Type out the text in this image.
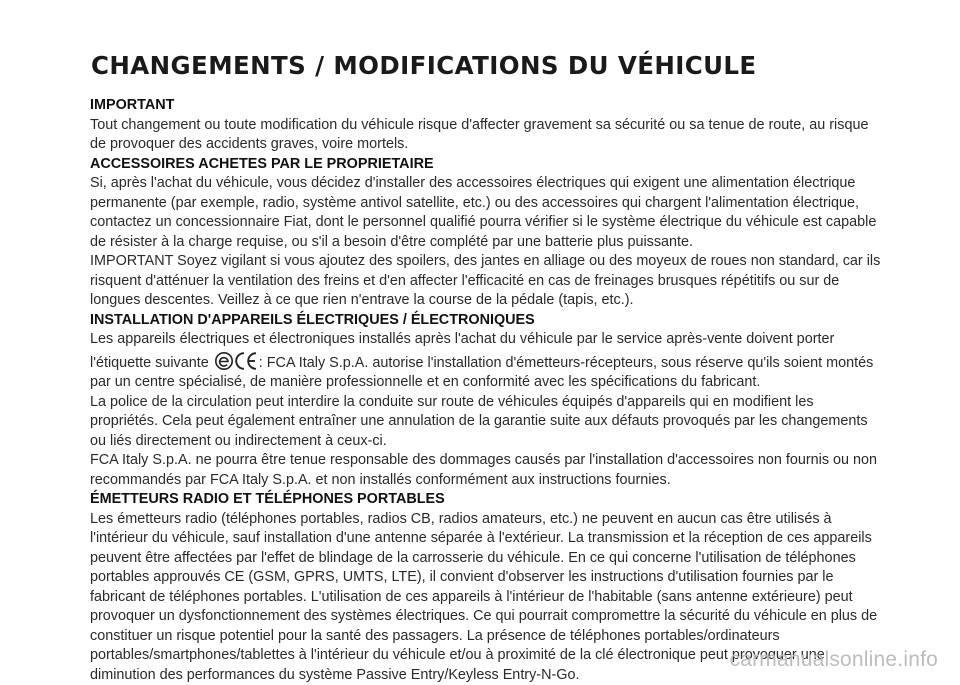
CHANGEMENTS / MODIFICATIONS DU VÉHICULE
IMPORTANT

Tout changement ou toute modification du véhicule risque d'affecter gravement sa sécurité ou sa tenue de route, au risque de provoquer des accidents graves, voire mortels.

ACCESSOIRES ACHETES PAR LE PROPRIETAIRE

Si, après l'achat du véhicule, vous décidez d'installer des accessoires électriques qui exigent une alimentation électrique permanente (par exemple, radio, système antivol satellite, etc.) ou des accessoires qui chargent l'alimentation électrique, contactez un concessionnaire Fiat, dont le personnel qualifié pourra vérifier si le système électrique du véhicule est capable de résister à la charge requise, ou s'il a besoin d'être complété par une batterie plus puissante.

IMPORTANT Soyez vigilant si vous ajoutez des spoilers, des jantes en alliage ou des moyeux de roues non standard, car ils risquent d'atténuer la ventilation des freins et d'en affecter l'efficacité en cas de freinages brusques répétitifs ou sur de longues descentes. Veillez à ce que rien n'entrave la course de la pédale (tapis, etc.).

INSTALLATION D'APPAREILS ÉLECTRIQUES / ÉLECTRONIQUES

Les appareils électriques et électroniques installés après l'achat du véhicule par le service après-vente doivent porter l'étiquette suivante	: FCA Italy S.p.A. autorise l'installation d'émetteurs-récepteurs, sous réserve qu'ils soient montés par un centre spécialisé, de manière professionnelle et en conformité avec les spécifications du fabricant.

La police de la circulation peut interdire la conduite sur route de véhicules équipés d'appareils qui en modifient les propriétés. Cela peut également entraîner une annulation de la garantie suite aux défauts provoqués par les changements ou liés directement ou indirectement à ceux-ci.

FCA Italy S.p.A. ne pourra être tenue responsable des dommages causés par l'installation d'accessoires non fournis ou non recommandés par FCA Italy S.p.A. et non installés conformément aux instructions fournies.

ÉMETTEURS RADIO ET TÉLÉPHONES PORTABLES

Les émetteurs radio (téléphones portables, radios CB, radios amateurs, etc.) ne peuvent en aucun cas être utilisés à l'intérieur du véhicule, sauf installation d'une antenne séparée à l'extérieur. La transmission et la réception de ces appareils peuvent être affectées par l'effet de blindage de la carrosserie du véhicule. En ce qui concerne l'utilisation de téléphones portables approuvés CE (GSM, GPRS, UMTS, LTE), il convient d'observer les instructions d'utilisation fournies par le fabricant de téléphones portables. L'utilisation de ces appareils à l'intérieur de l'habitable (sans antenne extérieure) peut provoquer un dysfonctionnement des systèmes électriques. Ce qui pourrait compromettre la sécurité du véhicule en plus de constituer un risque potentiel pour la santé des passagers. La présence de téléphones portables/ordinateurs portables/smartphones/tablettes à l'intérieur du véhicule et/ou à proximité de la clé électronique peut provoquer une diminution des performances du système Passive Entry/Keyless Entry-N-Go.

carmanualsonline.info
